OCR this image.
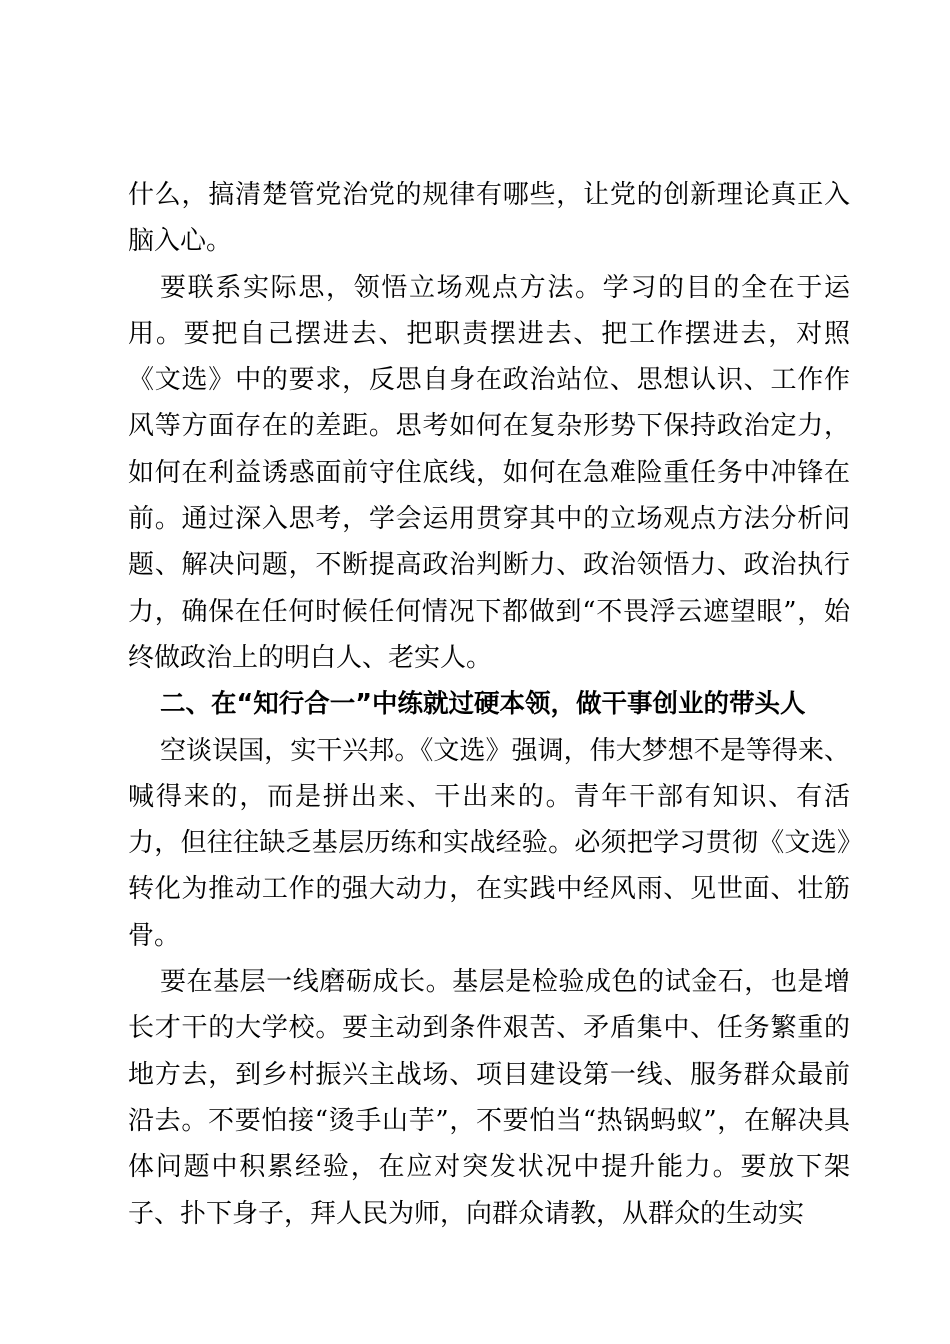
什么，搞清楚管党治党的规律有哪些，让党的创新理论真正入脑入心。

要联系实际思，领悟立场观点方法。学习的目的全在于运用。要把自己摆进去、把职责摆进去、把工作摆进去，对照《文选》中的要求，反思自身在政治站位、思想认识、工作作风等方面存在的差距。思考如何在复杂形势下保持政治定力，如何在利益诱惑面前守住底线，如何在急难险重任务中冲锋在前。通过深入思考，学会运用贯穿其中的立场观点方法分析问题、解决问题，不断提高政治判断力、政治领悟力、政治执行力，确保在任何时候任何情况下都做到“不畏浮云遮望眼”，始终做政治上的明白人、老实人。

二、在“知行合一”中练就过硬本领，做干事创业的带头人

空谈误国，实干兴邦。《文选》强调，伟大梦想不是等得来、喊得来的，而是拼出来、干出来的。青年干部有知识、有活力，但往往缺乏基层历练和实战经验。必须把学习贯彻《文选》转化为推动工作的强大动力，在实践中经风雨、见世面、壮筋骨。

要在基层一线磨砺成长。基层是检验成色的试金石，也是增长才干的大学校。要主动到条件艰苦、矛盾集中、任务繁重的地方去，到乡村振兴主战场、项目建设第一线、服务群众最前沿去。不要怕接“烫手山芋”，不要怕当“热锅蚂蚁”，在解决具体问题中积累经验，在应对突发状况中提升能力。要放下架子、扑下身子，拜人民为师，向群众请教，从群众的生动实
